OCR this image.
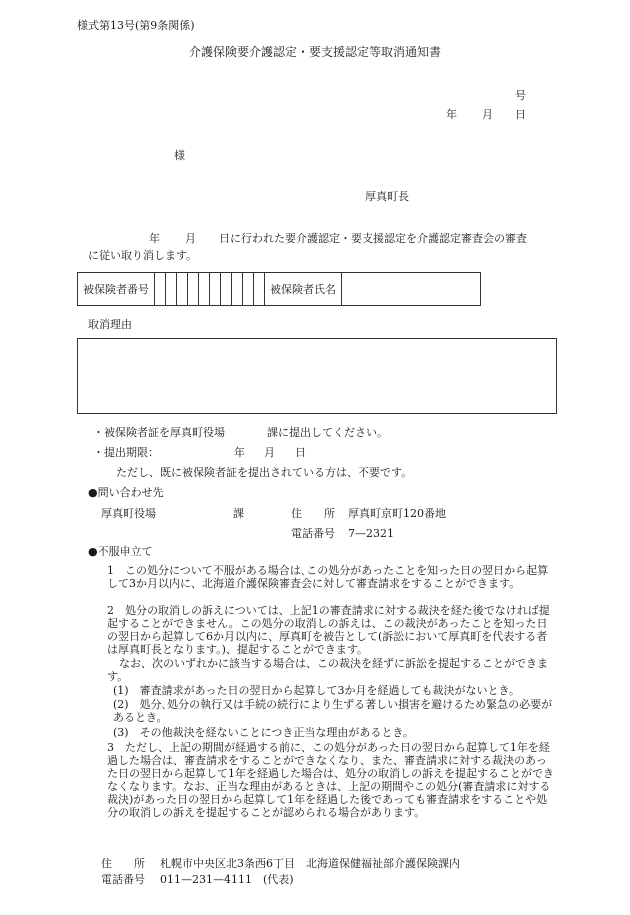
様式第13号(第9条関係)
介護保険要介護認定・要支援認定等取消通知書
号
年 月 日
様
厚真町長
年 月 日に行われた要介護認定・要支援認定を介護認定審査会の審査
に従い取り消します。
被保険者番号											被保険者氏名	
取消理由
・被保険者証を厚真町役場	課に提出してください。
・提出期限：	年 月 日
ただし、既に被保険者証を提出されている方は、不要です。
●問い合わせ先
厚真町役場	課	住　　所 厚真町京町120番地
電話番号 7—2321
●不服申立て
1　この処分について不服がある場合は､この処分があったことを知った日の翌日から起算して3か月以内に、北海道介護保険審査会に対して審査請求をすることができます。
2　処分の取消しの訴えについては、上記1の審査請求に対する裁決を経た後でなければ提起することができません。この処分の取消しの訴えは、この裁決があったことを知った日の翌日から起算して6か月以内に、厚真町を被告として(訴訟において厚真町を代表する者は厚真町長となります。)、提起することができます。
なお、次のいずれかに該当する場合は、この裁決を経ずに訴訟を提起することができます。
(1)　審査請求があった日の翌日から起算して3か月を経過しても裁決がないとき。
(2)　処分､処分の執行又は手続の続行により生ずる著しい損害を避けるため緊急の必要があるとき。
(3)　その他裁決を経ないことにつき正当な理由があるとき。
3　ただし、上記の期間が経過する前に、この処分があった日の翌日から起算して1年を経過した場合は、審査請求をすることができなくなり、また、審査請求に対する裁決のあった日の翌日から起算して1年を経過した場合は、処分の取消しの訴えを提起することができなくなります。なお、正当な理由があるときは、上記の期間やこの処分(審査請求に対する裁決)があった日の翌日から起算して1年を経過した後であっても審査請求をすることや処分の取消しの訴えを提起することが認められる場合があります。
住　　所 札幌市中央区北3条西6丁目　北海道保健福祉部介護保険課内
電話番号 011—231—4111　(代表)
